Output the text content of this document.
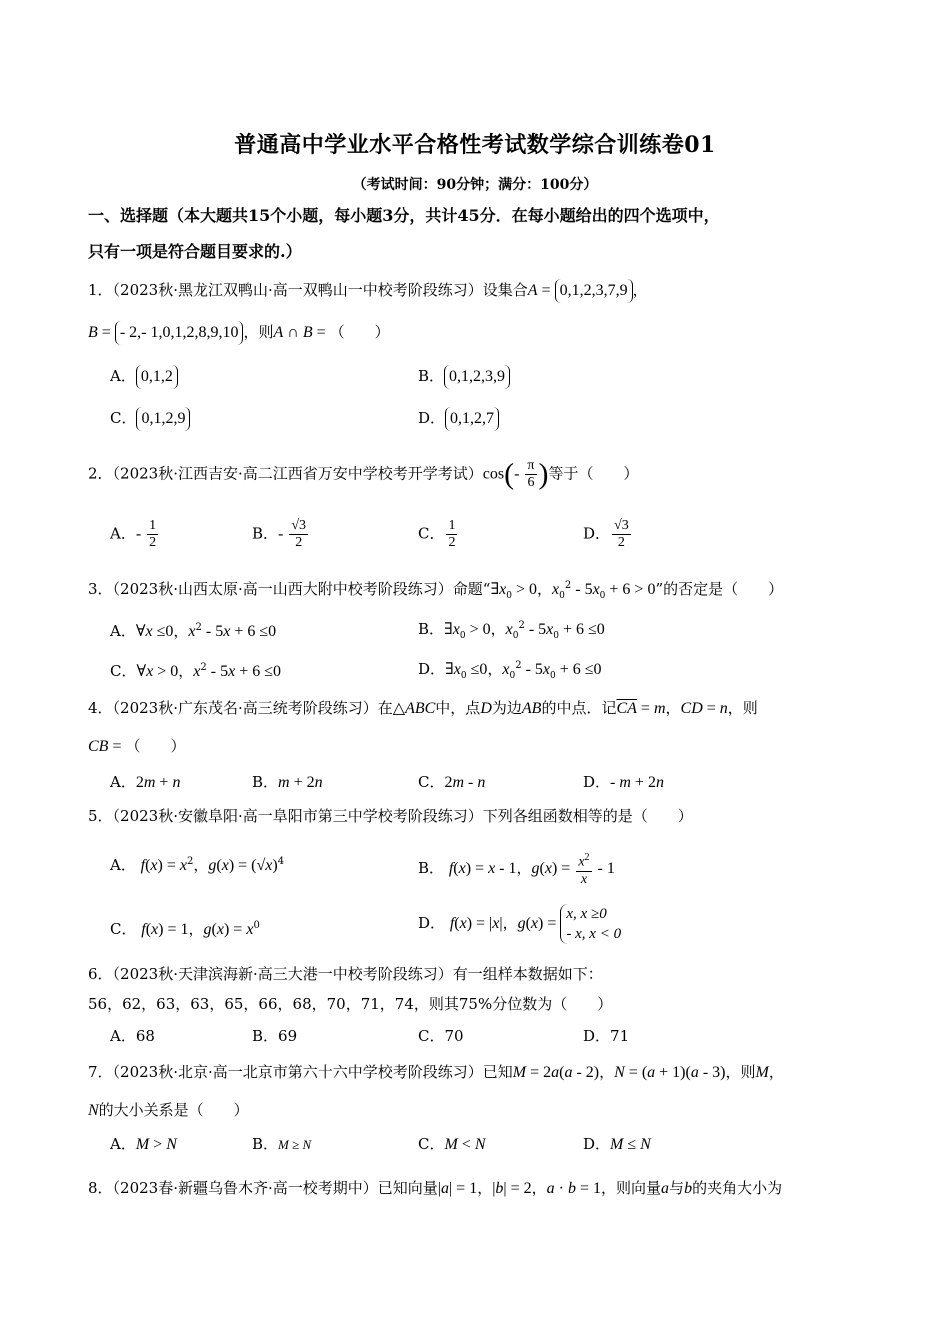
普通高中学业水平合格性考试数学综合训练卷01
（考试时间：90分钟；满分：100分）
一、选择题（本大题共15个小题，每小题3分，共计45分．在每小题给出的四个选项中，
只有一项是符合题目要求的.）
1．（2023秋·黑龙江双鸭山·高一双鸭山一中校考阶段练习）设集合A = 0,1,2,3,7,9 ，
B = - 2,- 1,0,1,2,8,9,10 ，则A ∩ B = （　　）
A． 0,1,2	B． 0,1,2,3,9
C． 0,1,2,9	D． 0,1,2,7
2．（2023秋·江西吉安·高二江西省万安中学校考开学考试）$\cos(- \frac{\pi}{6}$ )等于（　　）
A．- $\frac{1}{2}$	B．- $\frac{√3}{2}$	C． $\frac{1}{2}$	D． $\frac{√3}{2}$
3．（2023秋·山西太原·高一山西大附中校考阶段练习）命题“$\exists x_0 > 0$，$x_0^2 - 5x_0 + 6 > 0$”的否定是（　　）
A．∀x ≤0，$x^2 - 5x + 6 \le 0$	B．$\exists x_0 > 0$，$x_0^2 - 5x_0 + 6 \le 0$
C．∀x > 0，$x^2 - 5x + 6 \le 0$	D．$\exists x_0 \le 0$，$x_0^2 - 5x_0 + 6 \le 0$
4．（2023秋·广东茂名·高三统考阶段练习）在△ABC中，点D为边AB的中点．记$\overline{CA} = m$，CD = n，则
CB = （　　）
A．2m + n	B．m + 2n	C．2m - n	D．- m + 2n
5．（2023秋·安徽阜阳·高一阜阳市第三中学校考阶段练习）下列各组函数相等的是（　　）
A． $f(x) = x^2$，$g(x) = (√x)^4$	B． f(x) = x - 1，$g(x) = \frac{x^2}{x} - 1$
C． f(x) = 1，$g(x) = x^0$	D． f(x) = |x|，g(x) =
x, x ≥0
- x, x < 0
6．（2023秋·天津滨海新·高三大港一中校考阶段练习）有一组样本数据如下：
56，62，63，63，65，66，68，70，71，74，则其75%分位数为（　　）
A．68	B．69	C．70	D．71
7．（2023秋·北京·高一北京市第六十六中学校考阶段练习）已知M = 2a(a - 2)，N = (a + 1)(a - 3)，则M，
N的大小关系是（　　）
A．M > N	B．M ≥ N	C．M < N	D．M ≤ N
8．（2023春·新疆乌鲁木齐·高一校考期中）已知向量|a| = 1，|b| = 2，a · b = 1，则向量a与b的夹角大小为
